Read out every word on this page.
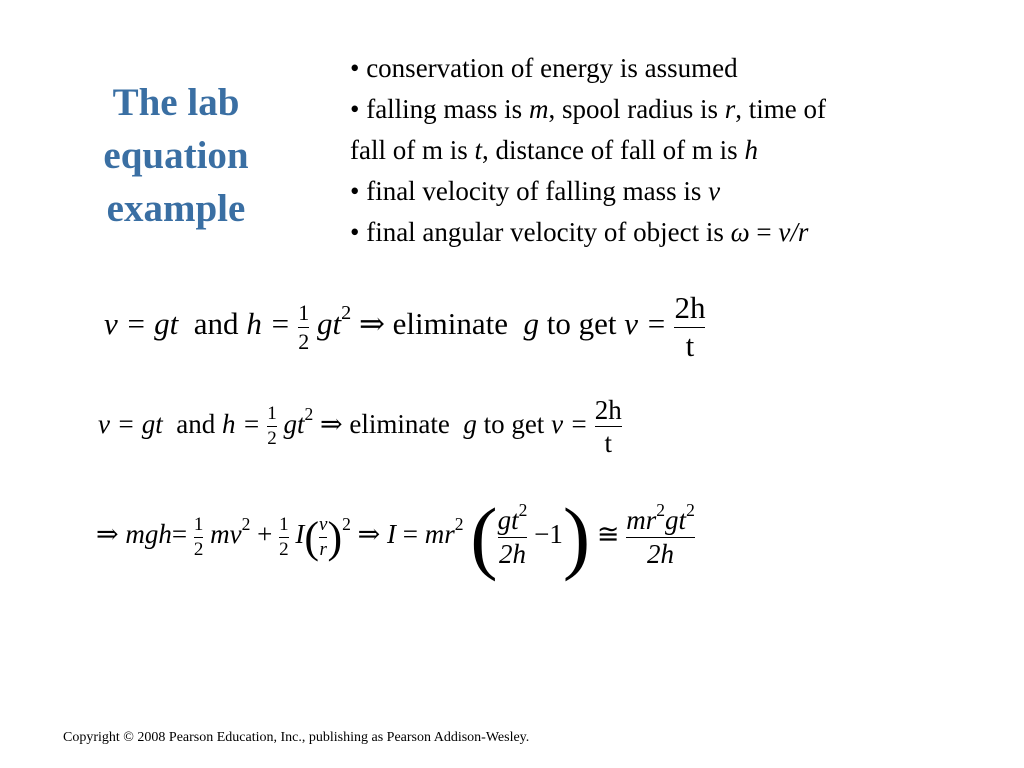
The lab
equation
example
• conservation of energy is assumed
• falling mass is m, spool radius is r, time of
fall of m is t, distance of fall of m is h
• final velocity of falling mass is v
• final angular velocity of object is ω = v/r
v = gt and $h = \frac{1}{2} gt^2$ ⇒ eliminate g to get $v = \frac{2h}{t}$
v = gt and $h = \frac{1}{2} gt^2$ ⇒ eliminate g to get $v = \frac{2h}{t}$
⇒ $mgh= \frac{1}{2} mv^2 + \frac{1}{2} I( \frac{v}{r} )^2$ ⇒ $I = mr^2$ ( $\frac{gt^2}{2h} -1$) ≅ $\frac{mr^2gt^2}{2h}$
Copyright © 2008 Pearson Education, Inc., publishing as Pearson Addison-Wesley.
